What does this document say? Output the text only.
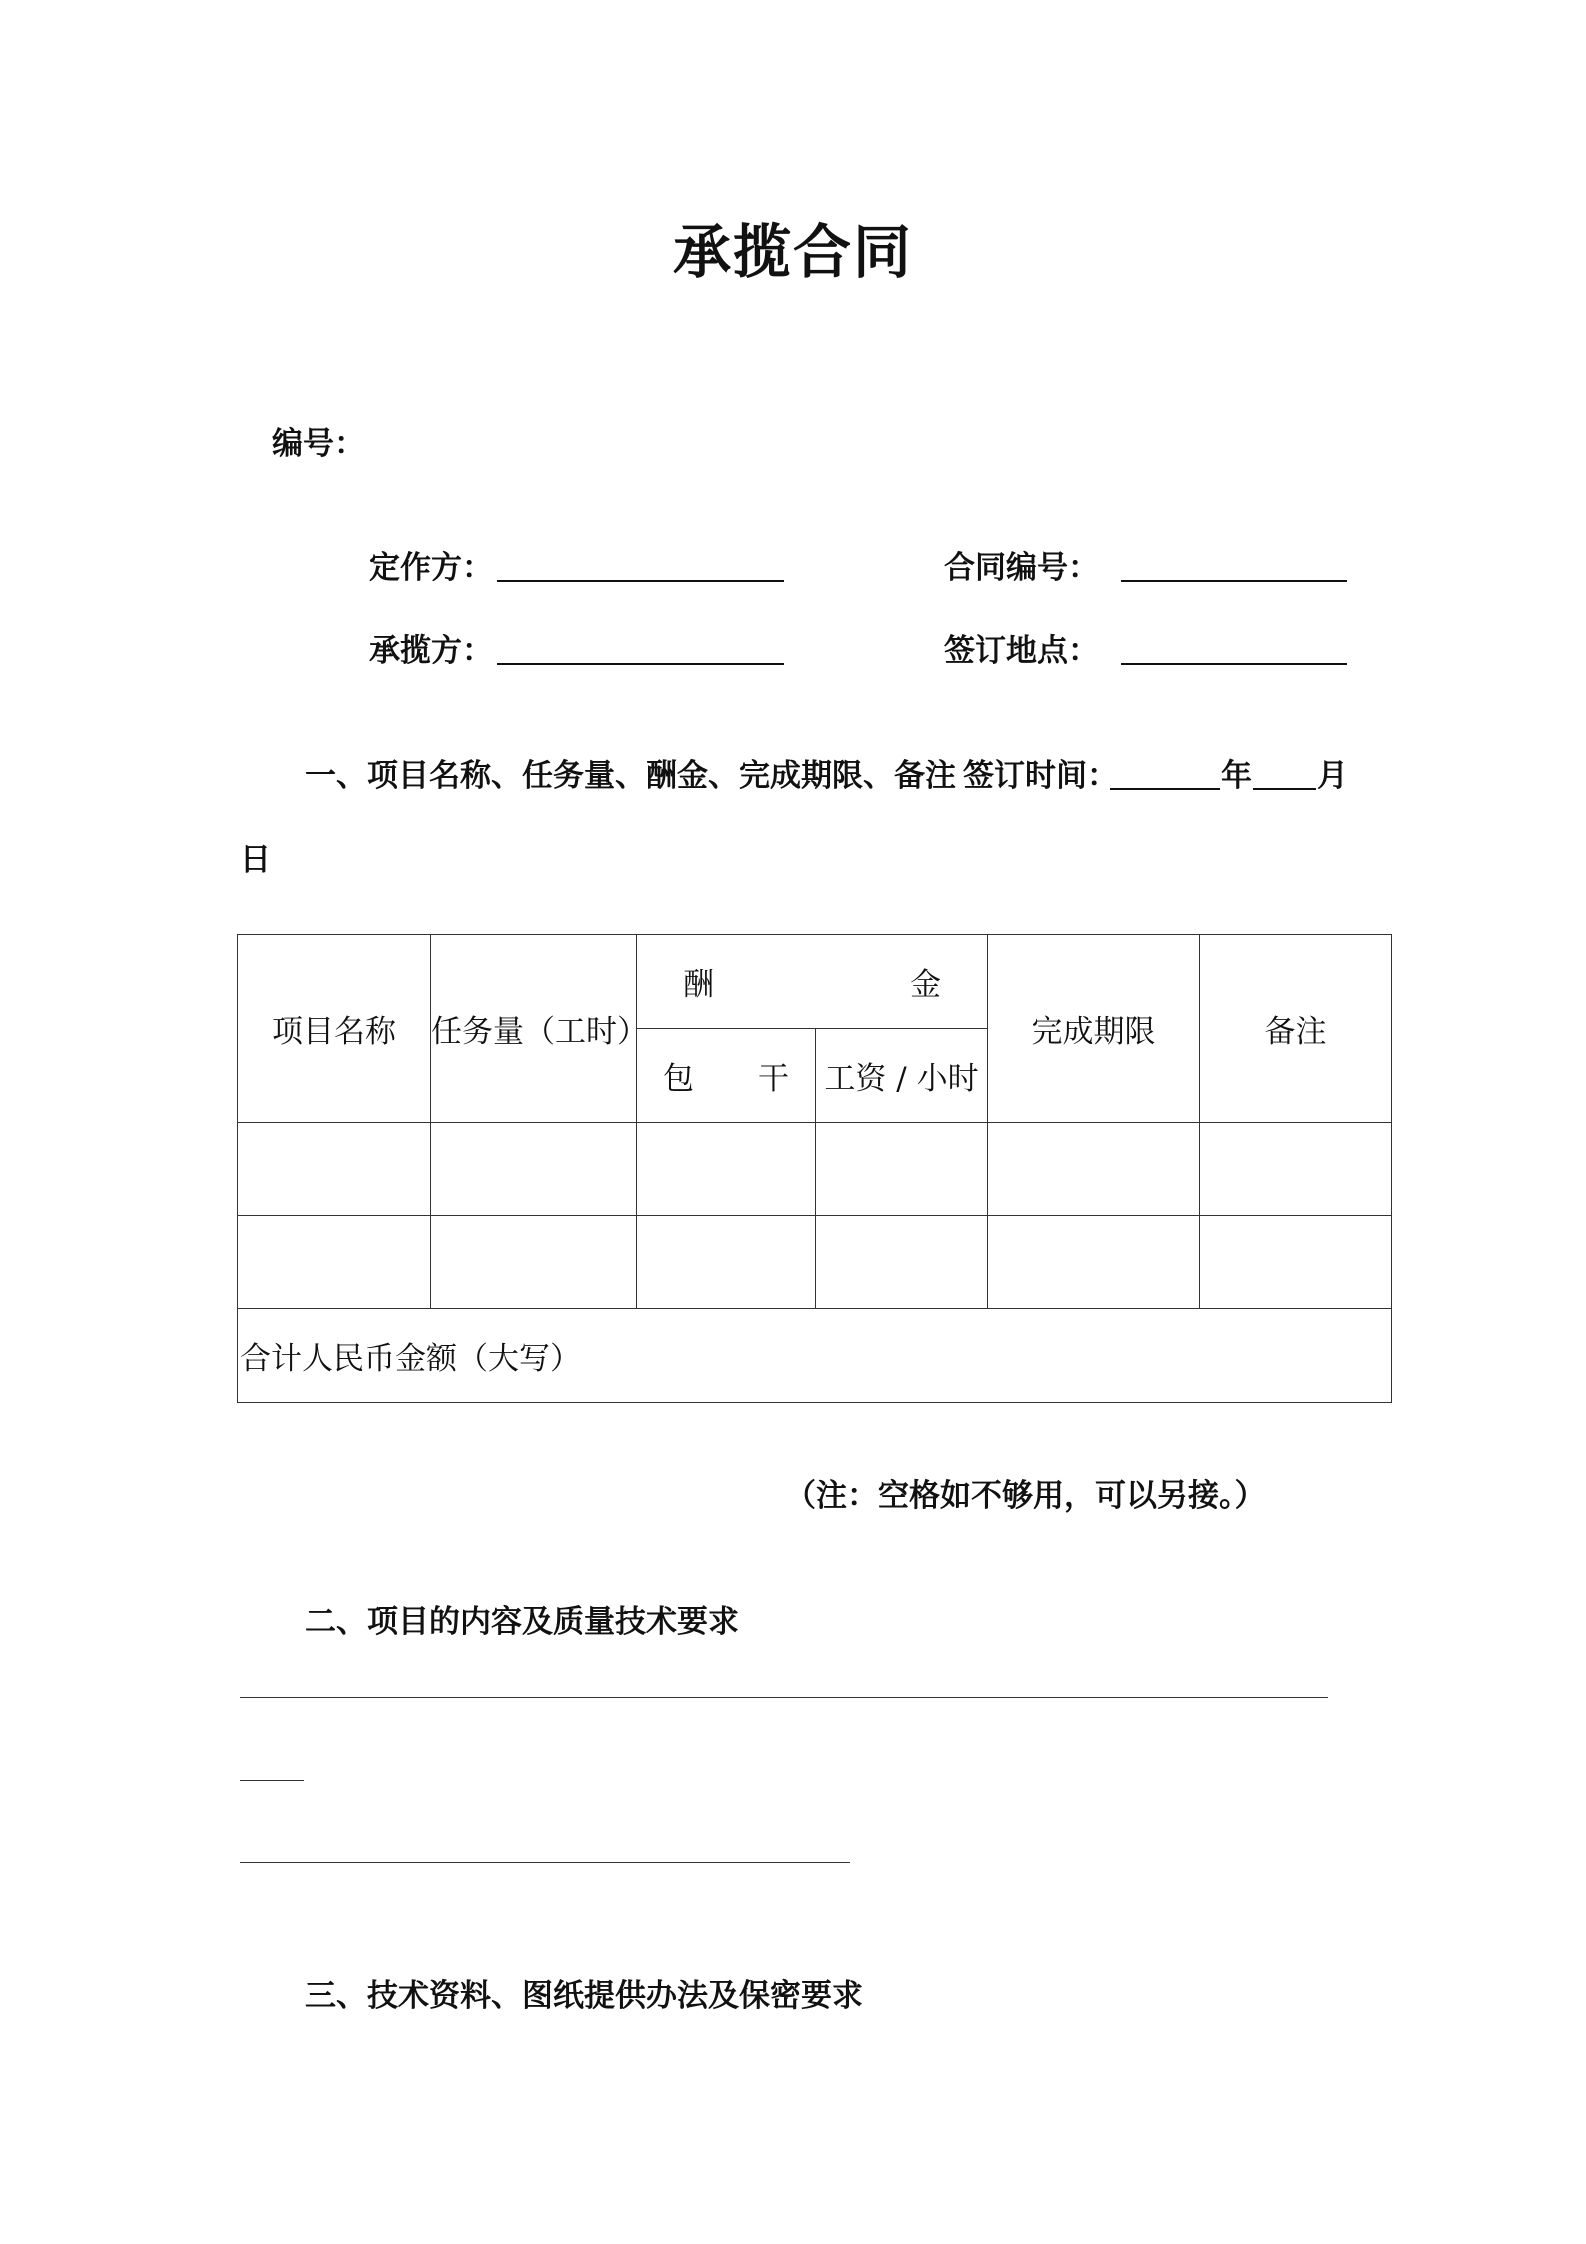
承揽合同
编号：
定作方：	合同编号：
承揽方：	签订地点：
一、项目名称、任务量、酬金、完成期限、备注 签订时间：	年 月
日
项目名称	任务量（工时）	酬 金		完成期限	备注

		包 干	工资 / 小时		

合计人民币金额（大写）					
（注：空格如不够用，可以另接。）
二、项目的内容及质量技术要求
三、技术资料、图纸提供办法及保密要求
